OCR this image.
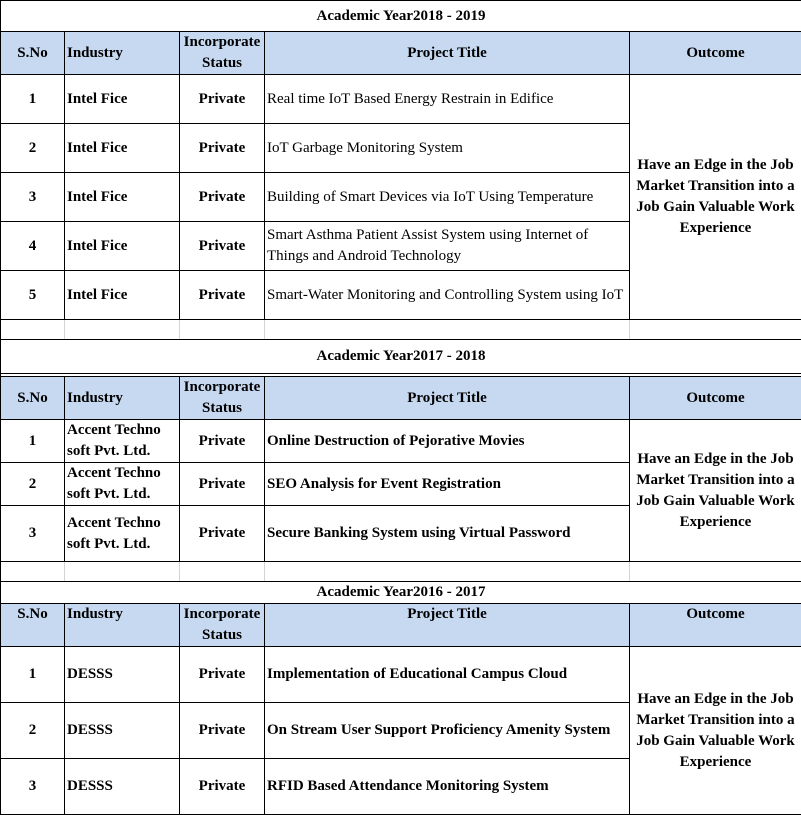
Academic Year2018 - 2019				
S.No	Industry	Incorporate Status	Project Title	Outcome
1	Intel Fice	Private	Real time IoT Based Energy Restrain in Edifice	Have an Edge in the Job Market Transition into a Job Gain Valuable Work Experience
2	Intel Fice	Private	IoT Garbage Monitoring System	
3	Intel Fice	Private	Building of Smart Devices via IoT Using Temperature	
4	Intel Fice	Private	Smart Asthma Patient Assist System using Internet of Things and Android Technology	
5	Intel Fice	Private	Smart-Water Monitoring and Controlling System using IoT	

Academic Year2017 - 2018				

S.No	Industry	Incorporate Status	Project Title	Outcome
1	Accent Techno soft Pvt. Ltd.	Private	Online Destruction of Pejorative Movies	Have an Edge in the Job Market Transition into a Job Gain Valuable Work Experience
2	Accent Techno soft Pvt. Ltd.	Private	SEO Analysis for Event Registration	
3	Accent Techno soft Pvt. Ltd.	Private	Secure Banking System using Virtual Password	

Academic Year2016 - 2017				
S.No	Industry	Incorporate Status	Project Title	Outcome
1	DESSS	Private	Implementation of Educational Campus Cloud	Have an Edge in the Job Market Transition into a Job Gain Valuable Work Experience
2	DESSS	Private	On Stream User Support Proficiency Amenity System	
3	DESSS	Private	RFID Based Attendance Monitoring System	
